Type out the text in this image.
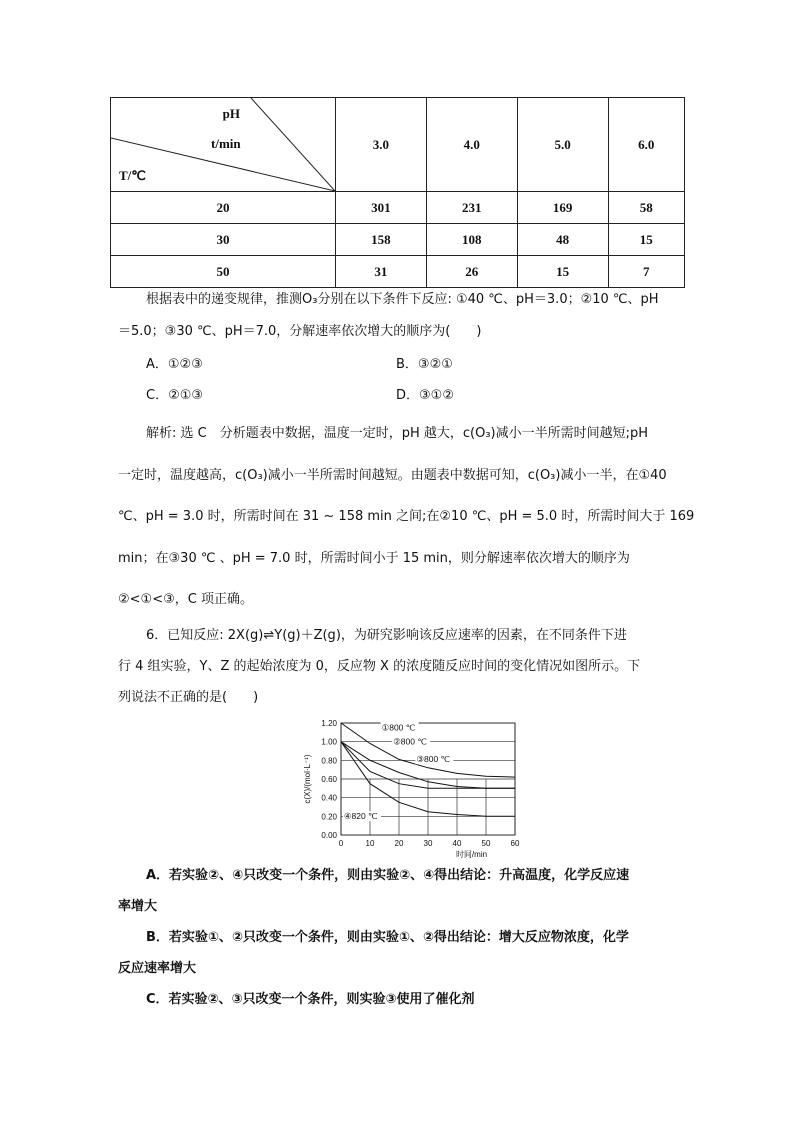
pH
t/min
T/℃	3.0	4.0	5.0	6.0
20	301	231	169	58
30	158	108	48	15
50	31	26	15	7
根据表中的递变规律，推测O₃分别在以下条件下反应: ①40 ℃、pH＝3.0；②10 ℃、pH
＝5.0；③30 ℃、pH＝7.0，分解速率依次增大的顺序为(　　)
A．①②③	B．③②①
C．②①③	D．③①②
解析: 选 C　分析题表中数据，温度一定时，pH 越大，c(O₃)减小一半所需时间越短;pH
一定时，温度越高，c(O₃)减小一半所需时间越短。由题表中数据可知，c(O₃)减小一半，在①40
℃、pH = 3.0 时，所需时间在 31 ~ 158 min 之间;在②10 ℃、pH = 5.0 时，所需时间大于 169
min；在③30 ℃ 、pH = 7.0 时，所需时间小于 15 min，则分解速率依次增大的顺序为
②<①<③，C 项正确。
6．已知反应: 2X(g)⇌Y(g)＋Z(g)，为研究影响该反应速率的因素，在不同条件下进
行 4 组实验，Y、Z 的起始浓度为 0，反应物 X 的浓度随反应时间的变化情况如图所示。下
列说法不正确的是(　　)
0.00
0.20
0.40
0.60
0.80
1.00
1.20
0	10	20	30	40	50	60
时间/min
c(X)/(mol·L⁻¹)
①800 ℃
②800 ℃
③800 ℃
④820 ℃
A．若实验②、④只改变一个条件，则由实验②、④得出结论：升高温度，化学反应速
率增大
B．若实验①、②只改变一个条件，则由实验①、②得出结论：增大反应物浓度，化学
反应速率增大
C．若实验②、③只改变一个条件，则实验③使用了催化剂
